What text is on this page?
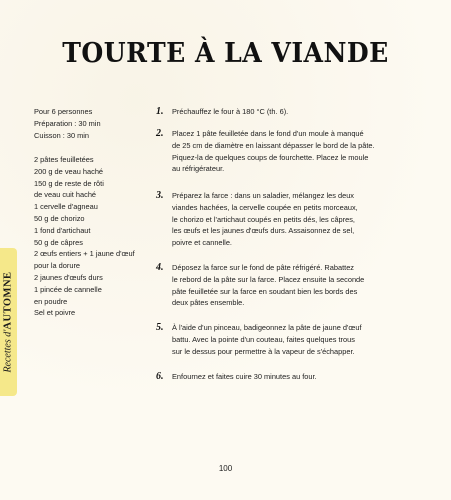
TOURTE À LA VIANDE
Recettes d'AUTOMNE
Pour 6 personnes
Préparation : 30 min
Cuisson : 30 min
2 pâtes feuilletées
200 g de veau haché
150 g de reste de rôti
de veau cuit haché
1 cervelle d'agneau
50 g de chorizo
1 fond d'artichaut
50 g de câpres
2 œufs entiers + 1 jaune d'œuf
pour la dorure
2 jaunes d'œufs durs
1 pincée de cannelle
en poudre
Sel et poivre
1. Préchauffez le four à 180 °C (th. 6).
2. Placez 1 pâte feuilletée dans le fond d'un moule à manqué
de 25 cm de diamètre en laissant dépasser le bord de la pâte.
Piquez-la de quelques coups de fourchette. Placez le moule
au réfrigérateur.
3. Préparez la farce : dans un saladier, mélangez les deux
viandes hachées, la cervelle coupée en petits morceaux,
le chorizo et l'artichaut coupés en petits dés, les câpres,
les œufs et les jaunes d'œufs durs. Assaisonnez de sel,
poivre et cannelle.
4. Déposez la farce sur le fond de pâte réfrigéré. Rabattez
le rebord de la pâte sur la farce. Placez ensuite la seconde
pâte feuilletée sur la farce en soudant bien les bords des
deux pâtes ensemble.
5. À l'aide d'un pinceau, badigeonnez la pâte de jaune d'œuf
battu. Avec la pointe d'un couteau, faites quelques trous
sur le dessus pour permettre à la vapeur de s'échapper.
6. Enfournez et faites cuire 30 minutes au four.
100
